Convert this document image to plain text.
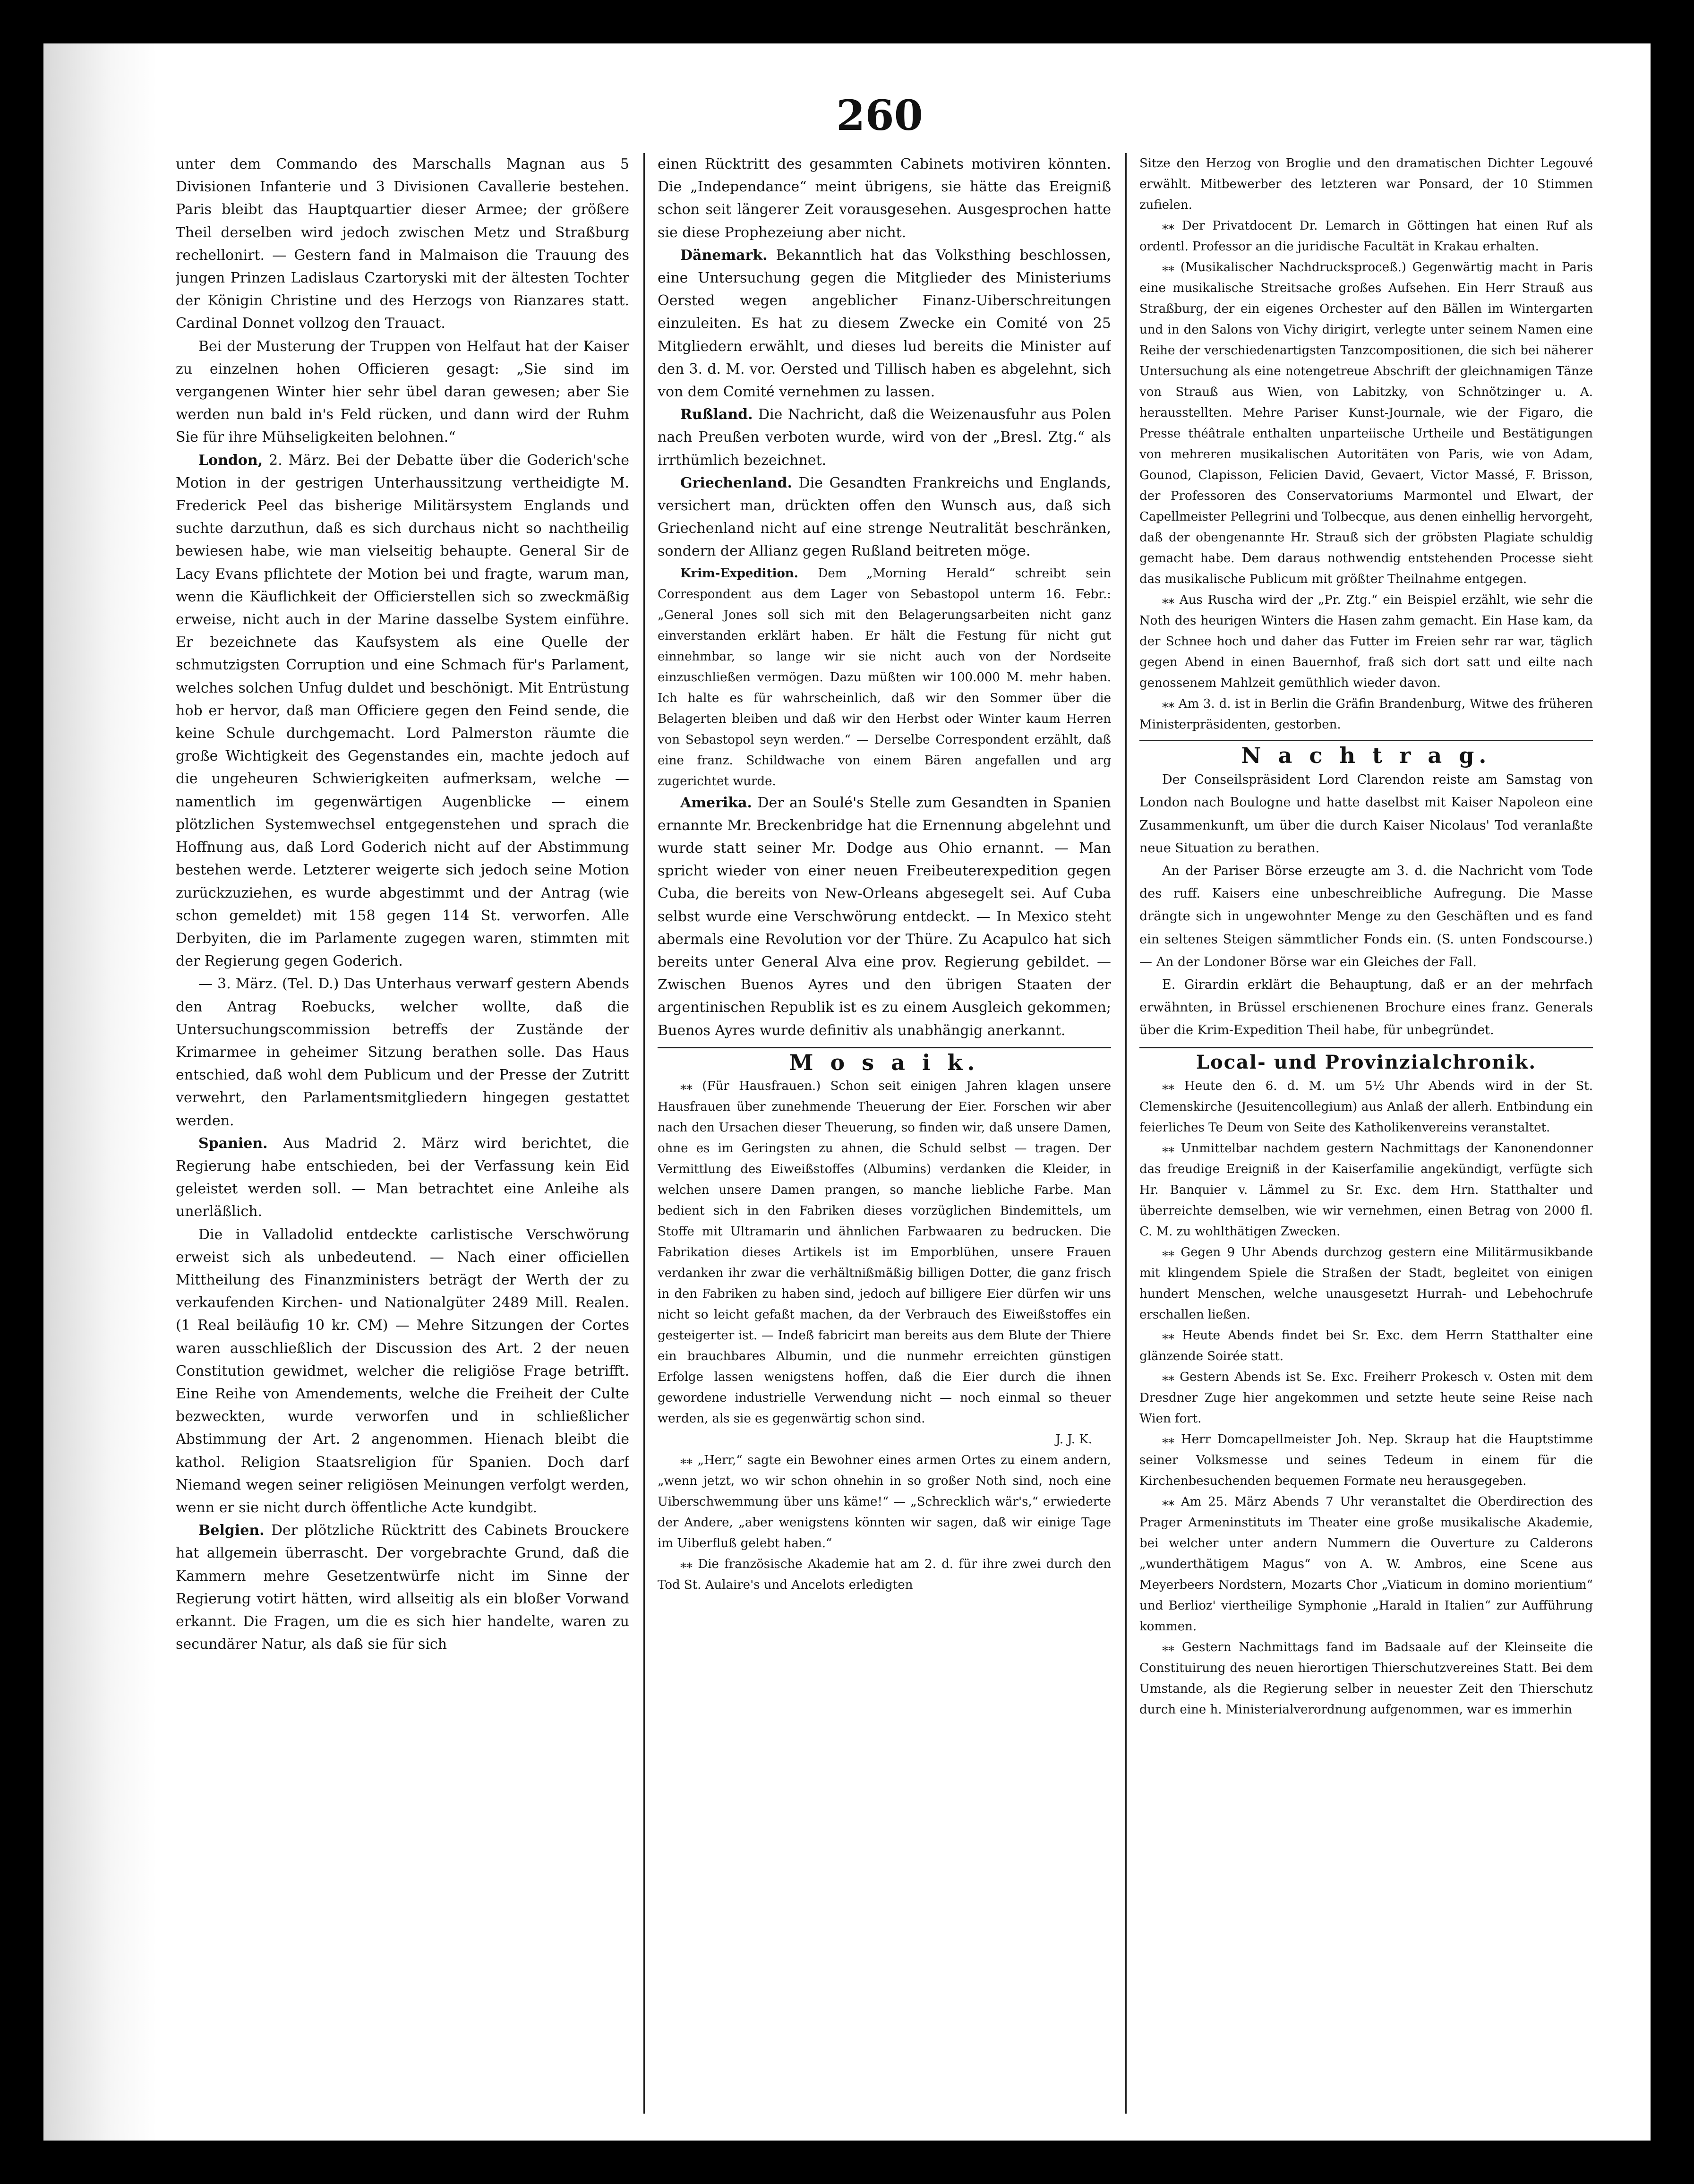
260

unter dem Commando des Marschalls Magnan aus 5 Divisionen Infanterie und 3 Divisionen Cavallerie bestehen. Paris bleibt das Hauptquartier dieser Armee; der größere Theil derselben wird jedoch zwischen Metz und Straßburg rechellonirt. — Gestern fand in Malmaison die Trauung des jungen Prinzen Ladislaus Czartoryski mit der ältesten Tochter der Königin Christine und des Herzogs von Rianzares statt. Cardinal Donnet vollzog den Trauact.

Bei der Musterung der Truppen von Helfaut hat der Kaiser zu einzelnen hohen Officieren gesagt: „Sie sind im vergangenen Winter hier sehr übel daran gewesen; aber Sie werden nun bald in's Feld rücken, und dann wird der Ruhm Sie für ihre Mühseligkeiten belohnen.“

London, 2. März. Bei der Debatte über die Goderich'sche Motion in der gestrigen Unterhaussitzung vertheidigte M. Frederick Peel das bisherige Militärsystem Englands und suchte darzuthun, daß es sich durchaus nicht so nachtheilig bewiesen habe, wie man vielseitig behaupte. General Sir de Lacy Evans pflichtete der Motion bei und fragte, warum man, wenn die Käuflichkeit der Officierstellen sich so zweckmäßig erweise, nicht auch in der Marine dasselbe System einführe. Er bezeichnete das Kaufsystem als eine Quelle der schmutzigsten Corruption und eine Schmach für's Parlament, welches solchen Unfug duldet und beschönigt. Mit Entrüstung hob er hervor, daß man Officiere gegen den Feind sende, die keine Schule durchgemacht. Lord Palmerston räumte die große Wichtigkeit des Gegenstandes ein, machte jedoch auf die ungeheuren Schwierigkeiten aufmerksam, welche — namentlich im gegenwärtigen Augenblicke — einem plötzlichen Systemwechsel entgegenstehen und sprach die Hoffnung aus, daß Lord Goderich nicht auf der Abstimmung bestehen werde. Letzterer weigerte sich jedoch seine Motion zurückzuziehen, es wurde abgestimmt und der Antrag (wie schon gemeldet) mit 158 gegen 114 St. verworfen. Alle Derbyiten, die im Parlamente zugegen waren, stimmten mit der Regierung gegen Goderich.

— 3. März. (Tel. D.) Das Unterhaus verwarf gestern Abends den Antrag Roebucks, welcher wollte, daß die Untersuchungscommission betreffs der Zustände der Krimarmee in geheimer Sitzung berathen solle. Das Haus entschied, daß wohl dem Publicum und der Presse der Zutritt verwehrt, den Parlamentsmitgliedern hingegen gestattet werden.

Spanien. Aus Madrid 2. März wird berichtet, die Regierung habe entschieden, bei der Verfassung kein Eid geleistet werden soll. — Man betrachtet eine Anleihe als unerläßlich.

Die in Valladolid entdeckte carlistische Verschwörung erweist sich als unbedeutend. — Nach einer officiellen Mittheilung des Finanzministers beträgt der Werth der zu verkaufenden Kirchen- und Nationalgüter 2489 Mill. Realen. (1 Real beiläufig 10 kr. CM) — Mehre Sitzungen der Cortes waren ausschließlich der Discussion des Art. 2 der neuen Constitution gewidmet, welcher die religiöse Frage betrifft. Eine Reihe von Amendements, welche die Freiheit der Culte bezweckten, wurde verworfen und in schließlicher Abstimmung der Art. 2 angenommen. Hienach bleibt die kathol. Religion Staatsreligion für Spanien. Doch darf Niemand wegen seiner religiösen Meinungen verfolgt werden, wenn er sie nicht durch öffentliche Acte kundgibt.

Belgien. Der plötzliche Rücktritt des Cabinets Brouckere hat allgemein überrascht. Der vorgebrachte Grund, daß die Kammern mehre Gesetzentwürfe nicht im Sinne der Regierung votirt hätten, wird allseitig als ein bloßer Vorwand erkannt. Die Fragen, um die es sich hier handelte, waren zu secundärer Natur, als daß sie für sich

einen Rücktritt des gesammten Cabinets motiviren könnten. Die „Independance“ meint übrigens, sie hätte das Ereigniß schon seit längerer Zeit vorausgesehen. Ausgesprochen hatte sie diese Prophezeiung aber nicht.

Dänemark. Bekanntlich hat das Volksthing beschlossen, eine Untersuchung gegen die Mitglieder des Ministeriums Oersted wegen angeblicher Finanz-Uiberschreitungen einzuleiten. Es hat zu diesem Zwecke ein Comité von 25 Mitgliedern erwählt, und dieses lud bereits die Minister auf den 3. d. M. vor. Oersted und Tillisch haben es abgelehnt, sich von dem Comité vernehmen zu lassen.

Rußland. Die Nachricht, daß die Weizenausfuhr aus Polen nach Preußen verboten wurde, wird von der „Bresl. Ztg.“ als irrthümlich bezeichnet.

Griechenland. Die Gesandten Frankreichs und Englands, versichert man, drückten offen den Wunsch aus, daß sich Griechenland nicht auf eine strenge Neutralität beschränken, sondern der Allianz gegen Rußland beitreten möge.

Krim-Expedition. Dem „Morning Herald“ schreibt sein Correspondent aus dem Lager von Sebastopol unterm 16. Febr.: „General Jones soll sich mit den Belagerungsarbeiten nicht ganz einverstanden erklärt haben. Er hält die Festung für nicht gut einnehmbar, so lange wir sie nicht auch von der Nordseite einzuschließen vermögen. Dazu müßten wir 100.000 M. mehr haben. Ich halte es für wahrscheinlich, daß wir den Sommer über die Belagerten bleiben und daß wir den Herbst oder Winter kaum Herren von Sebastopol seyn werden.“ — Derselbe Correspondent erzählt, daß eine franz. Schildwache von einem Bären angefallen und arg zugerichtet wurde.

Amerika. Der an Soulé's Stelle zum Gesandten in Spanien ernannte Mr. Breckenbridge hat die Ernennung abgelehnt und wurde statt seiner Mr. Dodge aus Ohio ernannt. — Man spricht wieder von einer neuen Freibeuterexpedition gegen Cuba, die bereits von New-Orleans abgesegelt sei. Auf Cuba selbst wurde eine Verschwörung entdeckt. — In Mexico steht abermals eine Revolution vor der Thüre. Zu Acapulco hat sich bereits unter General Alva eine prov. Regierung gebildet. — Zwischen Buenos Ayres und den übrigen Staaten der argentinischen Republik ist es zu einem Ausgleich gekommen; Buenos Ayres wurde definitiv als unabhängig anerkannt.

M o s a i k.

⁎⁎ (Für Hausfrauen.) Schon seit einigen Jahren klagen unsere Hausfrauen über zunehmende Theuerung der Eier. Forschen wir aber nach den Ursachen dieser Theuerung, so finden wir, daß unsere Damen, ohne es im Geringsten zu ahnen, die Schuld selbst — tragen. Der Vermittlung des Eiweißstoffes (Albumins) verdanken die Kleider, in welchen unsere Damen prangen, so manche liebliche Farbe. Man bedient sich in den Fabriken dieses vorzüglichen Bindemittels, um Stoffe mit Ultramarin und ähnlichen Farbwaaren zu bedrucken. Die Fabrikation dieses Artikels ist im Emporblühen, unsere Frauen verdanken ihr zwar die verhältnißmäßig billigen Dotter, die ganz frisch in den Fabriken zu haben sind, jedoch auf billigere Eier dürfen wir uns nicht so leicht gefaßt machen, da der Verbrauch des Eiweißstoffes ein gesteigerter ist. — Indeß fabricirt man bereits aus dem Blute der Thiere ein brauchbares Albumin, und die nunmehr erreichten günstigen Erfolge lassen wenigstens hoffen, daß die Eier durch die ihnen gewordene industrielle Verwendung nicht — noch einmal so theuer werden, als sie es gegenwärtig schon sind.

J. J. K.

⁎⁎ „Herr,“ sagte ein Bewohner eines armen Ortes zu einem andern, „wenn jetzt, wo wir schon ohnehin in so großer Noth sind, noch eine Uiberschwemmung über uns käme!“ — „Schrecklich wär's,“ erwiederte der Andere, „aber wenigstens könnten wir sagen, daß wir einige Tage im Uiberfluß gelebt haben.“

⁎⁎ Die französische Akademie hat am 2. d. für ihre zwei durch den Tod St. Aulaire's und Ancelots erledigten

Sitze den Herzog von Broglie und den dramatischen Dichter Legouvé erwählt. Mitbewerber des letzteren war Ponsard, der 10 Stimmen zufielen.

⁎⁎ Der Privatdocent Dr. Lemarch in Göttingen hat einen Ruf als ordentl. Professor an die juridische Facultät in Krakau erhalten.

⁎⁎ (Musikalischer Nachdrucksproceß.) Gegenwärtig macht in Paris eine musikalische Streitsache großes Aufsehen. Ein Herr Strauß aus Straßburg, der ein eigenes Orchester auf den Bällen im Wintergarten und in den Salons von Vichy dirigirt, verlegte unter seinem Namen eine Reihe der verschiedenartigsten Tanzcompositionen, die sich bei näherer Untersuchung als eine notengetreue Abschrift der gleichnamigen Tänze von Strauß aus Wien, von Labitzky, von Schnötzinger u. A. herausstellten. Mehre Pariser Kunst-Journale, wie der Figaro, die Presse théâtrale enthalten unparteiische Urtheile und Bestätigungen von mehreren musikalischen Autoritäten von Paris, wie von Adam, Gounod, Clapisson, Felicien David, Gevaert, Victor Massé, F. Brisson, der Professoren des Conservatoriums Marmontel und Elwart, der Capellmeister Pellegrini und Tolbecque, aus denen einhellig hervorgeht, daß der obengenannte Hr. Strauß sich der gröbsten Plagiate schuldig gemacht habe. Dem daraus nothwendig entstehenden Processe sieht das musikalische Publicum mit größter Theilnahme entgegen.

⁎⁎ Aus Ruscha wird der „Pr. Ztg.“ ein Beispiel erzählt, wie sehr die Noth des heurigen Winters die Hasen zahm gemacht. Ein Hase kam, da der Schnee hoch und daher das Futter im Freien sehr rar war, täglich gegen Abend in einen Bauernhof, fraß sich dort satt und eilte nach genossenem Mahlzeit gemüthlich wieder davon.

⁎⁎ Am 3. d. ist in Berlin die Gräfin Brandenburg, Witwe des früheren Ministerpräsidenten, gestorben.

N a c h t r a g.

Der Conseilspräsident Lord Clarendon reiste am Samstag von London nach Boulogne und hatte daselbst mit Kaiser Napoleon eine Zusammenkunft, um über die durch Kaiser Nicolaus' Tod veranlaßte neue Situation zu berathen.

An der Pariser Börse erzeugte am 3. d. die Nachricht vom Tode des ruff. Kaisers eine unbeschreibliche Aufregung. Die Masse drängte sich in ungewohnter Menge zu den Geschäften und es fand ein seltenes Steigen sämmtlicher Fonds ein. (S. unten Fondscourse.) — An der Londoner Börse war ein Gleiches der Fall.

E. Girardin erklärt die Behauptung, daß er an der mehrfach erwähnten, in Brüssel erschienenen Brochure eines franz. Generals über die Krim-Expedition Theil habe, für unbegründet.

Local- und Provinzialchronik.

⁎⁎ Heute den 6. d. M. um 5½ Uhr Abends wird in der St. Clemenskirche (Jesuitencollegium) aus Anlaß der allerh. Entbindung ein feierliches Te Deum von Seite des Katholikenvereins veranstaltet.

⁎⁎ Unmittelbar nachdem gestern Nachmittags der Kanonendonner das freudige Ereigniß in der Kaiserfamilie angekündigt, verfügte sich Hr. Banquier v. Lämmel zu Sr. Exc. dem Hrn. Statthalter und überreichte demselben, wie wir vernehmen, einen Betrag von 2000 fl. C. M. zu wohlthätigen Zwecken.

⁎⁎ Gegen 9 Uhr Abends durchzog gestern eine Militärmusikbande mit klingendem Spiele die Straßen der Stadt, begleitet von einigen hundert Menschen, welche unausgesetzt Hurrah- und Lebehochrufe erschallen ließen.

⁎⁎ Heute Abends findet bei Sr. Exc. dem Herrn Statthalter eine glänzende Soirée statt.

⁎⁎ Gestern Abends ist Se. Exc. Freiherr Prokesch v. Osten mit dem Dresdner Zuge hier angekommen und setzte heute seine Reise nach Wien fort.

⁎⁎ Herr Domcapellmeister Joh. Nep. Skraup hat die Hauptstimme seiner Volksmesse und seines Tedeum in einem für die Kirchenbesuchenden bequemen Formate neu herausgegeben.

⁎⁎ Am 25. März Abends 7 Uhr veranstaltet die Oberdirection des Prager Armeninstituts im Theater eine große musikalische Akademie, bei welcher unter andern Nummern die Ouverture zu Calderons „wunderthätigem Magus“ von A. W. Ambros, eine Scene aus Meyerbeers Nordstern, Mozarts Chor „Viaticum in domino morientium“ und Berlioz' viertheilige Symphonie „Harald in Italien“ zur Aufführung kommen.

⁎⁎ Gestern Nachmittags fand im Badsaale auf der Kleinseite die Constituirung des neuen hierortigen Thierschutzvereines Statt. Bei dem Umstande, als die Regierung selber in neuester Zeit den Thierschutz durch eine h. Ministerialverordnung aufgenommen, war es immerhin
